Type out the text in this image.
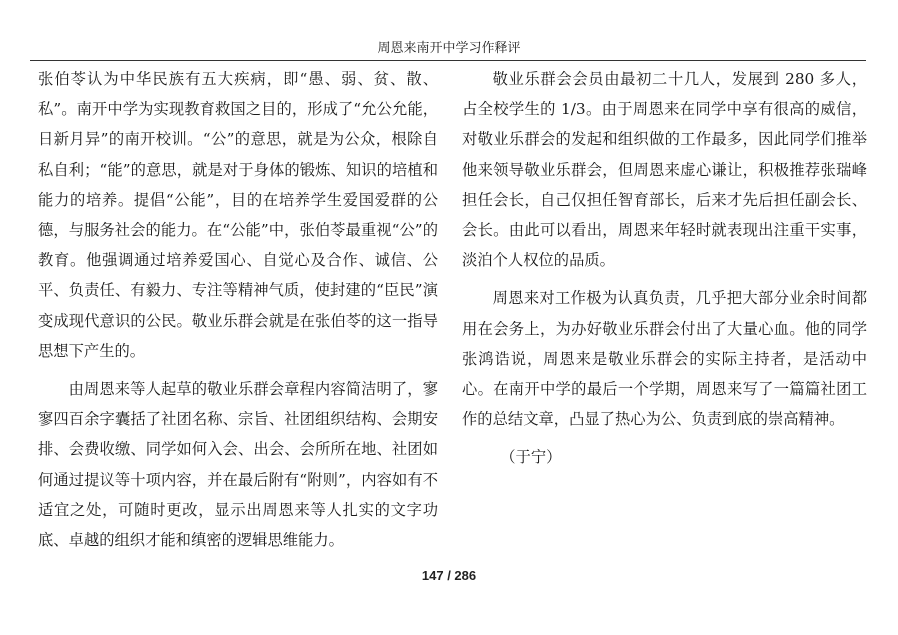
周恩来南开中学习作释评

张伯苓认为中华民族有五大疾病，即“愚、弱、贫、散、私”。南开中学为实现教育救国之目的，形成了“允公允能，日新月异”的南开校训。“公”的意思，就是为公众，根除自私自利；“能”的意思，就是对于身体的锻炼、知识的培植和能力的培养。提倡“公能”，目的在培养学生爱国爱群的公德，与服务社会的能力。在“公能”中，张伯苓最重视“公”的教育。他强调通过培养爱国心、自觉心及合作、诚信、公平、负责任、有毅力、专注等精神气质，使封建的“臣民”演变成现代意识的公民。敬业乐群会就是在张伯苓的这一指导思想下产生的。

由周恩来等人起草的敬业乐群会章程内容简洁明了，寥寥四百余字囊括了社团名称、宗旨、社团组织结构、会期安排、会费收缴、同学如何入会、出会、会所所在地、社团如何通过提议等十项内容，并在最后附有“附则”，内容如有不适宜之处，可随时更改，显示出周恩来等人扎实的文字功底、卓越的组织才能和缜密的逻辑思维能力。

敬业乐群会会员由最初二十几人，发展到 280 多人，占全校学生的 1/3。由于周恩来在同学中享有很高的威信，对敬业乐群会的发起和组织做的工作最多，因此同学们推举他来领导敬业乐群会，但周恩来虚心谦让，积极推荐张瑞峰担任会长，自己仅担任智育部长，后来才先后担任副会长、会长。由此可以看出，周恩来年轻时就表现出注重干实事，淡泊个人权位的品质。

周恩来对工作极为认真负责，几乎把大部分业余时间都用在会务上，为办好敬业乐群会付出了大量心血。他的同学张鸿诰说，周恩来是敬业乐群会的实际主持者，是活动中心。在南开中学的最后一个学期，周恩来写了一篇篇社团工作的总结文章，凸显了热心为公、负责到底的崇高精神。

（于宁）

147 / 286
